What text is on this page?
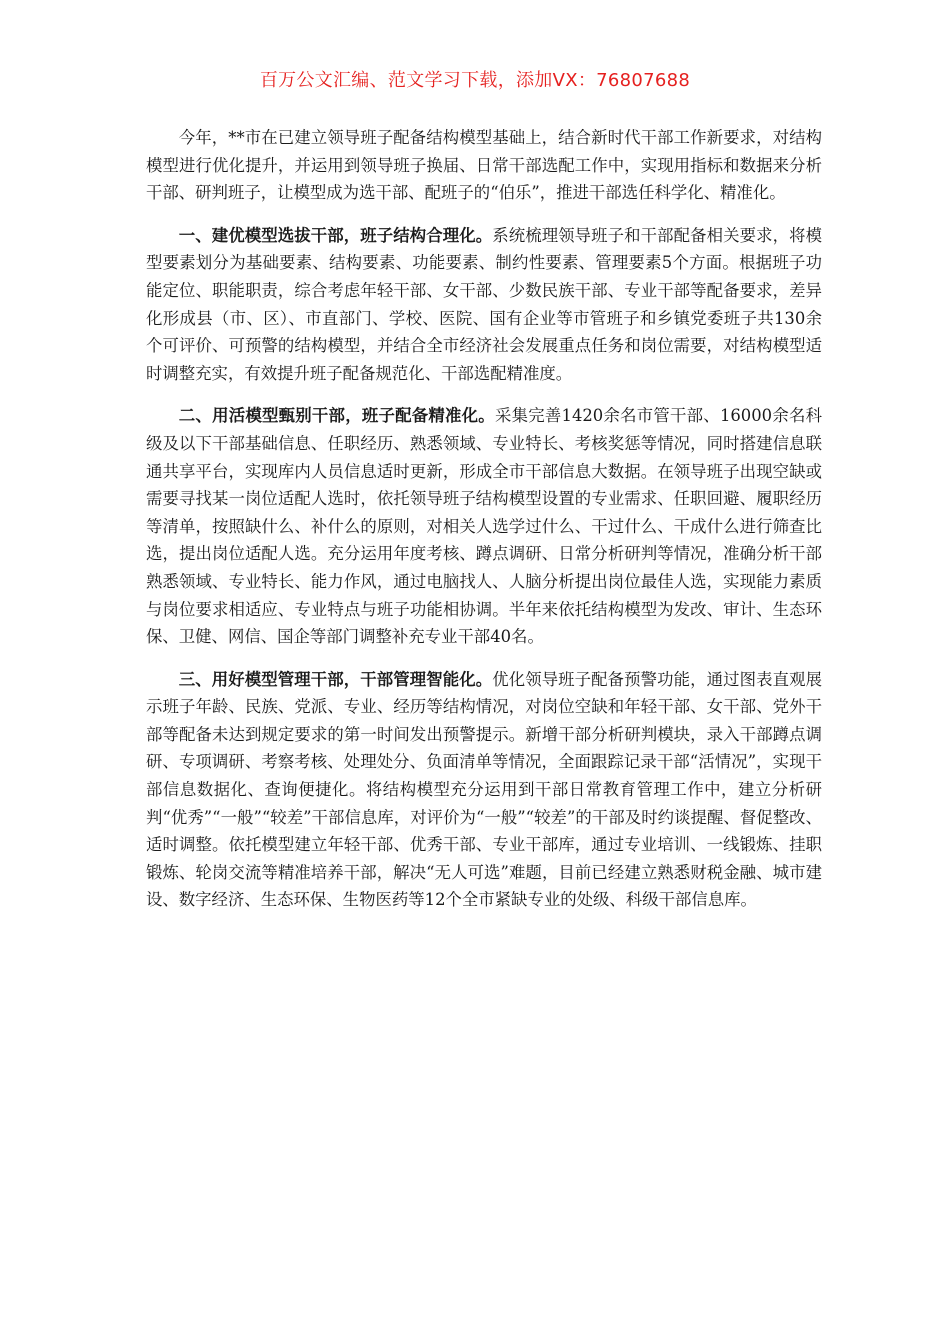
百万公文汇编、范文学习下载，添加VX：76807688

今年，**市在已建立领导班子配备结构模型基础上，结合新时代干部工作新要求，对结构模型进行优化提升，并运用到领导班子换届、日常干部选配工作中，实现用指标和数据来分析干部、研判班子，让模型成为选干部、配班子的“伯乐”，推进干部选任科学化、精准化。

一、建优模型选拔干部，班子结构合理化。系统梳理领导班子和干部配备相关要求，将模型要素划分为基础要素、结构要素、功能要素、制约性要素、管理要素5个方面。根据班子功能定位、职能职责，综合考虑年轻干部、女干部、少数民族干部、专业干部等配备要求，差异化形成县（市、区）、市直部门、学校、医院、国有企业等市管班子和乡镇党委班子共130余个可评价、可预警的结构模型，并结合全市经济社会发展重点任务和岗位需要，对结构模型适时调整充实，有效提升班子配备规范化、干部选配精准度。

二、用活模型甄别干部，班子配备精准化。采集完善1420余名市管干部、16000余名科级及以下干部基础信息、任职经历、熟悉领域、专业特长、考核奖惩等情况，同时搭建信息联通共享平台，实现库内人员信息适时更新，形成全市干部信息大数据。在领导班子出现空缺或需要寻找某一岗位适配人选时，依托领导班子结构模型设置的专业需求、任职回避、履职经历等清单，按照缺什么、补什么的原则，对相关人选学过什么、干过什么、干成什么进行筛查比选，提出岗位适配人选。充分运用年度考核、蹲点调研、日常分析研判等情况，准确分析干部熟悉领域、专业特长、能力作风，通过电脑找人、人脑分析提出岗位最佳人选，实现能力素质与岗位要求相适应、专业特点与班子功能相协调。半年来依托结构模型为发改、审计、生态环保、卫健、网信、国企等部门调整补充专业干部40名。

三、用好模型管理干部，干部管理智能化。优化领导班子配备预警功能，通过图表直观展示班子年龄、民族、党派、专业、经历等结构情况，对岗位空缺和年轻干部、女干部、党外干部等配备未达到规定要求的第一时间发出预警提示。新增干部分析研判模块，录入干部蹲点调研、专项调研、考察考核、处理处分、负面清单等情况，全面跟踪记录干部“活情况”，实现干部信息数据化、查询便捷化。将结构模型充分运用到干部日常教育管理工作中，建立分析研判“优秀”“一般”“较差”干部信息库，对评价为“一般”“较差”的干部及时约谈提醒、督促整改、适时调整。依托模型建立年轻干部、优秀干部、专业干部库，通过专业培训、一线锻炼、挂职锻炼、轮岗交流等精准培养干部，解决“无人可选”难题，目前已经建立熟悉财税金融、城市建设、数字经济、生态环保、生物医药等12个全市紧缺专业的处级、科级干部信息库。
